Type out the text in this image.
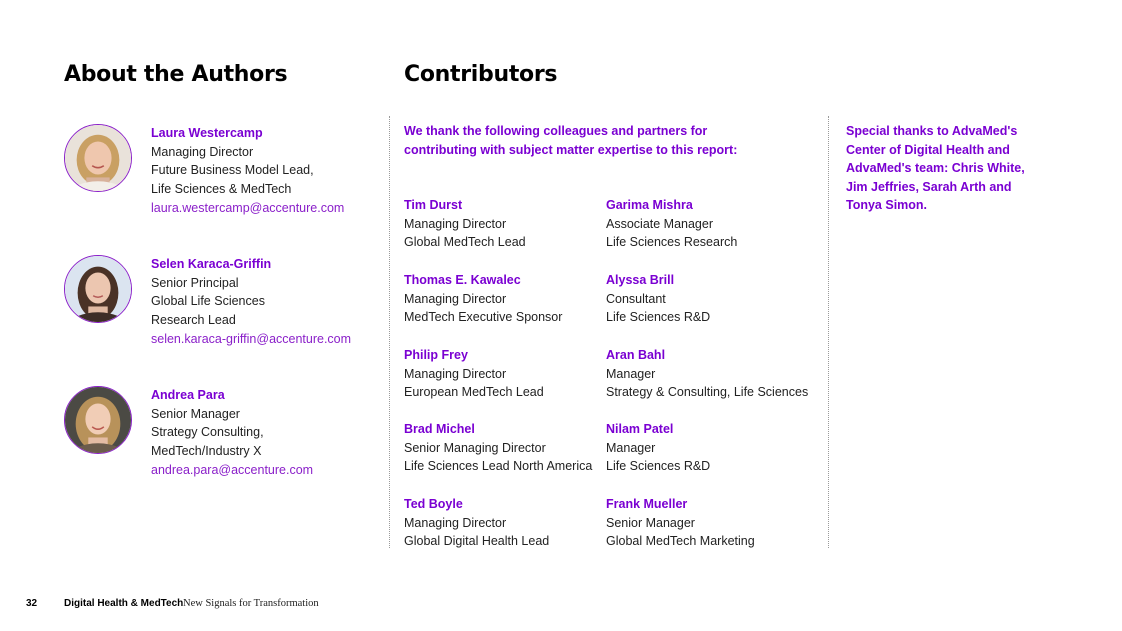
About the Authors	Contributors
Laura Westercamp
Managing Director
Future Business Model Lead,
Life Sciences & MedTech
laura.westercamp@accenture.com
Selen Karaca-Griffin
Senior Principal
Global Life Sciences
Research Lead
selen.karaca-griffin@accenture.com
Andrea Para
Senior Manager
Strategy Consulting,
MedTech/Industry X
andrea.para@accenture.com
We thank the following colleagues and partners for contributing with subject matter expertise to this report:
Tim Durst
Managing Director
Global MedTech Lead
Thomas E. Kawalec
Managing Director
MedTech Executive Sponsor
Philip Frey
Managing Director
European MedTech Lead
Brad Michel
Senior Managing Director
Life Sciences Lead North America
Ted Boyle
Managing Director
Global Digital Health Lead
Garima Mishra
Associate Manager
Life Sciences Research
Alyssa Brill
Consultant
Life Sciences R&D
Aran Bahl
Manager
Strategy & Consulting, Life Sciences
Nilam Patel
Manager
Life Sciences R&D
Frank Mueller
Senior Manager
Global MedTech Marketing
Special thanks to AdvaMed's Center of Digital Health and AdvaMed's team: Chris White, Jim Jeffries, Sarah Arth and Tonya Simon.
32	Digital Health & MedTech New Signals for Transformation
